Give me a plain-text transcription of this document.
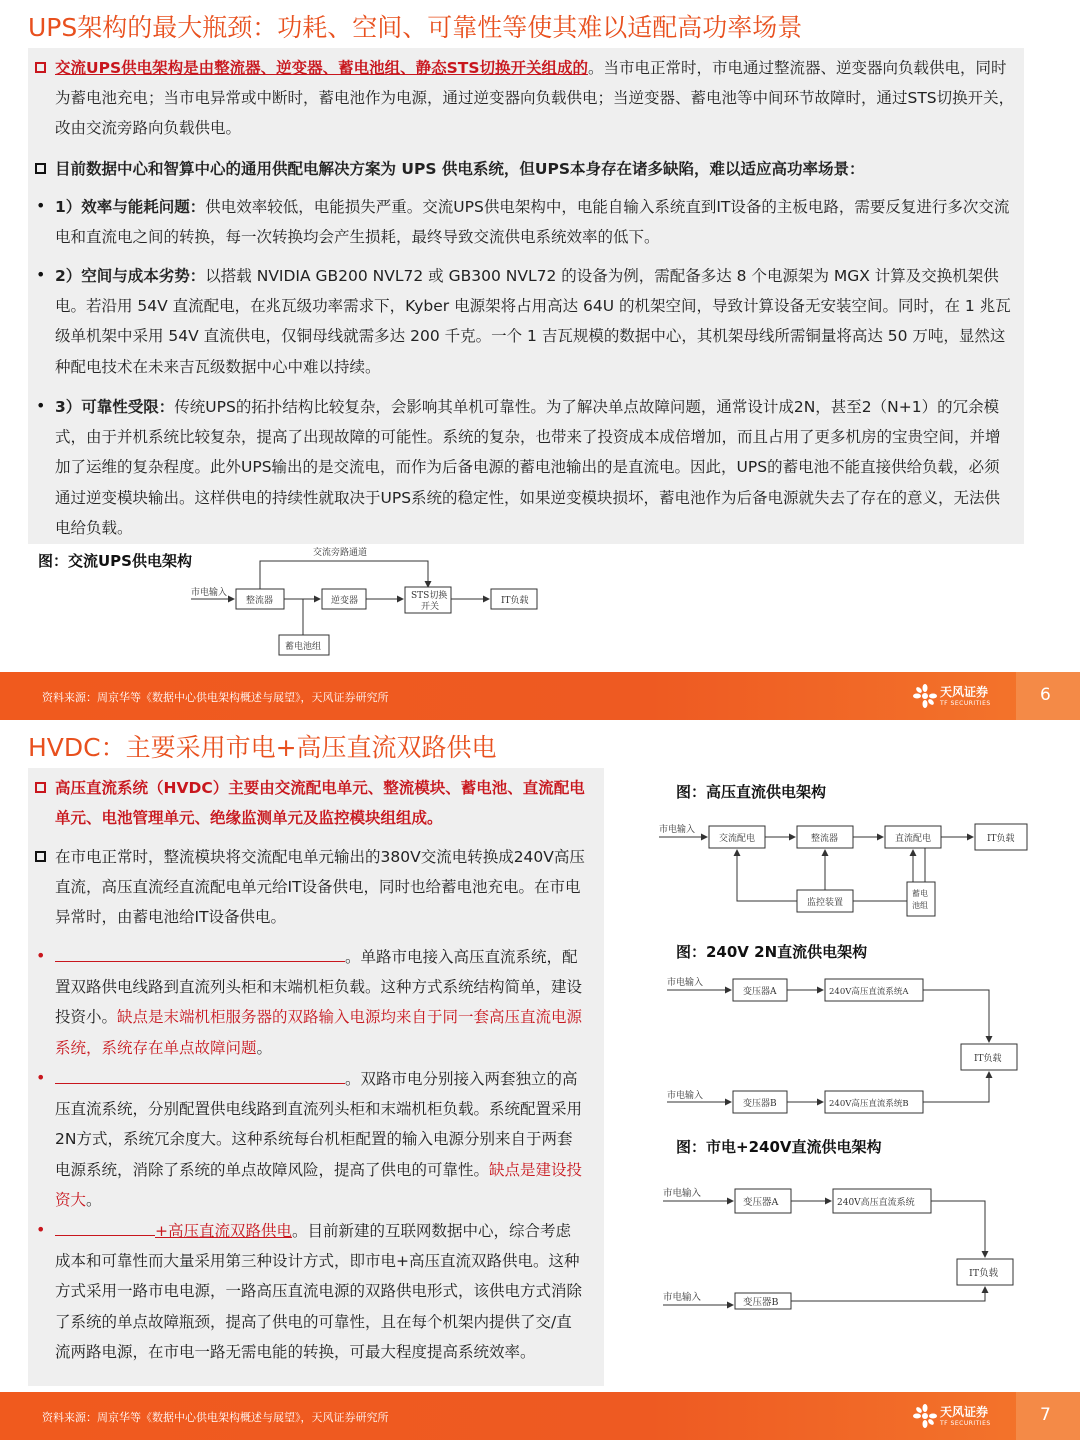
UPS架构的最大瓶颈：功耗、空间、可靠性等使其难以适配高功率场景
交流UPS供电架构是由整流器、逆变器、蓄电池组、静态STS切换开关组成的。当市电正常时，市电通过整流器、逆变器向负载供电，同时为蓄电池充电；当市电异常或中断时，蓄电池作为电源，通过逆变器向负载供电；当逆变器、蓄电池等中间环节故障时，通过STS切换开关，改由交流旁路向负载供电。
目前数据中心和智算中心的通用供配电解决方案为 UPS 供电系统，但UPS本身存在诸多缺陷，难以适应高功率场景：
• 1）效率与能耗问题：供电效率较低，电能损失严重。交流UPS供电架构中，电能自输入系统直到IT设备的主板电路，需要反复进行多次交流电和直流电之间的转换，每一次转换均会产生损耗，最终导致交流供电系统效率的低下。
• 2）空间与成本劣势：以搭载 NVIDIA GB200 NVL72 或 GB300 NVL72 的设备为例，需配备多达 8 个电源架为 MGX 计算及交换机架供电。若沿用 54V 直流配电，在兆瓦级功率需求下，Kyber 电源架将占用高达 64U 的机架空间，导致计算设备无安装空间。同时，在 1 兆瓦级单机架中采用 54V 直流供电，仅铜母线就需多达 200 千克。一个 1 吉瓦规模的数据中心，其机架母线所需铜量将高达 50 万吨，显然这种配电技术在未来吉瓦级数据中心中难以持续。
• 3）可靠性受限：传统UPS的拓扑结构比较复杂，会影响其单机可靠性。为了解决单点故障问题，通常设计成2N，甚至2（N+1）的冗余模式，由于并机系统比较复杂，提高了出现故障的可能性。系统的复杂，也带来了投资成本成倍增加，而且占用了更多机房的宝贵空间，并增加了运维的复杂程度。此外UPS输出的是交流电，而作为后备电源的蓄电池输出的是直流电。因此，UPS的蓄电池不能直接供给负载，必须通过逆变模块输出。这样供电的持续性就取决于UPS系统的稳定性，如果逆变模块损坏，蓄电池作为后备电源就失去了存在的意义，无法供电给负载。
图：交流UPS供电架构	交流旁路通道
市电输入
整流器	逆变器	STS切换
开关
IT负载
蓄电池组
资料来源：周京华等《数据中心供电架构概述与展望》，天风证券研究所	天风证券
TF SECURITIES	6
HVDC：主要采用市电+高压直流双路供电
高压直流系统（HVDC）主要由交流配电单元、整流模块、蓄电池、直流配电单元、电池管理单元、绝缘监测单元及监控模块组组成。
在市电正常时，整流模块将交流配电单元输出的380V交流电转换成240V高压直流，高压直流经直流配电单元给IT设备供电，同时也给蓄电池充电。在市电异常时，由蓄电池给IT设备供电。
•	。单路市电接入高压直流系统，配置双路供电线路到直流列头柜和末端机柜负载。这种方式系统结构简单，建设投资小。缺点是末端机柜服务器的双路输入电源均来自于同一套高压直流电源系统，系统存在单点故障问题。
•	。双路市电分别接入两套独立的高压直流系统，分别配置供电线路到直流列头柜和末端机柜负载。系统配置采用2N方式，系统冗余度大。这种系统每台机柜配置的输入电源分别来自于两套电源系统，消除了系统的单点故障风险，提高了供电的可靠性。缺点是建设投资大。
•	+高压直流双路供电。目前新建的互联网数据中心，综合考虑成本和可靠性而大量采用第三种设计方式，即市电+高压直流双路供电。这种方式采用一路市电电源，一路高压直流电源的双路供电形式，该供电方式消除了系统的单点故障瓶颈，提高了供电的可靠性，且在每个机架内提供了交/直流两路电源，在市电一路无需电能的转换，可最大程度提高系统效率。
图：高压直流供电架构
市电输入
交流配电	整流器	直流配电	IT负载
监控装置
蓄电
池组
图：240V 2N直流供电架构
市电输入
变压器A	240V高压直流系统A
IT负载
市电输入
变压器B	240V高压直流系统B
图：市电+240V直流供电架构
市电输入
变压器A	240V高压直流系统
IT负载
市电输入	变压器B
资料来源：周京华等《数据中心供电架构概述与展望》，天风证券研究所	天风证券
TF SECURITIES	7
